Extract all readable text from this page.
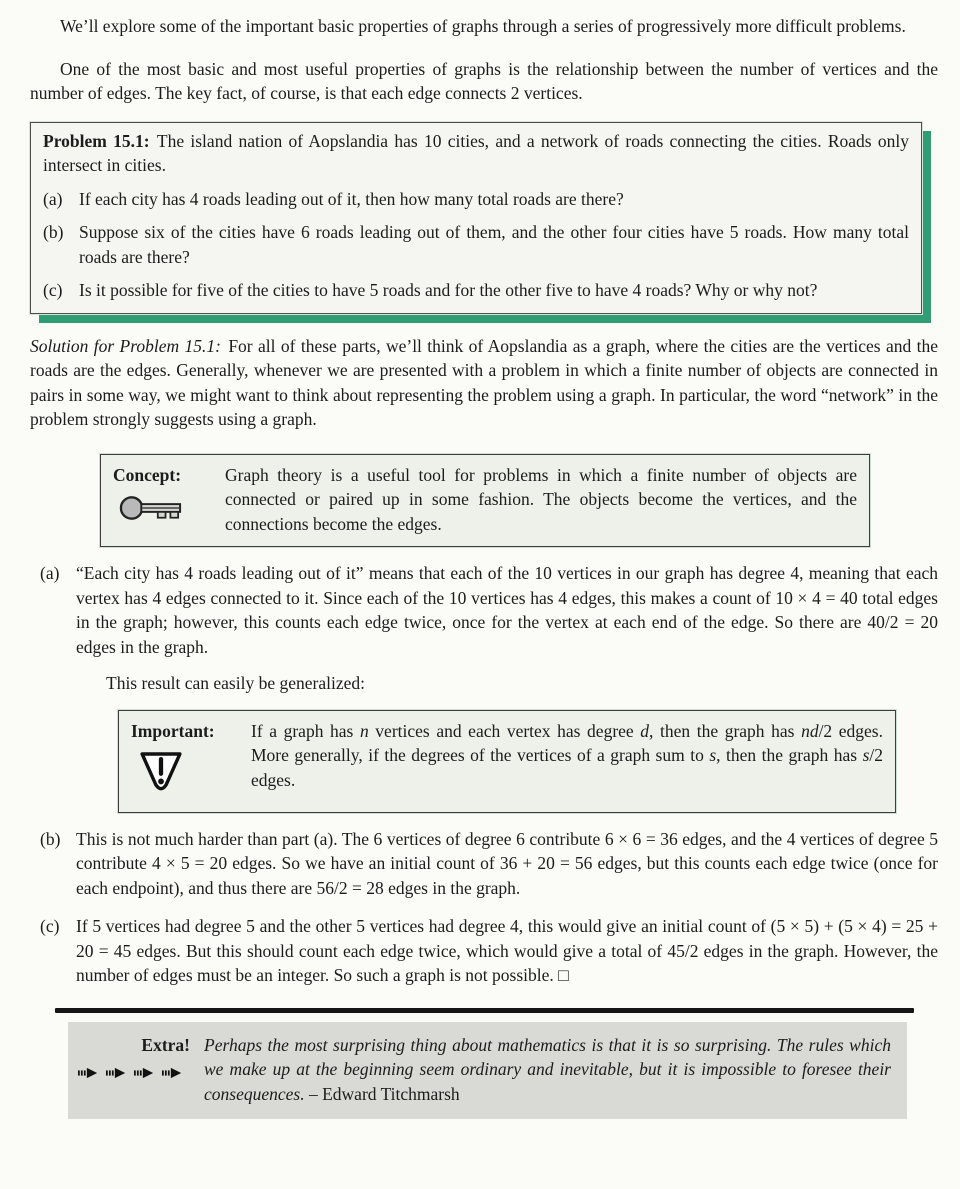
We’ll explore some of the important basic properties of graphs through a series of progressively more difficult problems.

One of the most basic and most useful properties of graphs is the relationship between the number of vertices and the number of edges. The key fact, of course, is that each edge connects 2 vertices.

Problem 15.1: The island nation of Aopslandia has 10 cities, and a network of roads connecting the cities. Roads only intersect in cities.

(a) If each city has 4 roads leading out of it, then how many total roads are there?
(b) Suppose six of the cities have 6 roads leading out of them, and the other four cities have 5 roads. How many total roads are there?
(c) Is it possible for five of the cities to have 5 roads and for the other five to have 4 roads? Why or why not?

Solution for Problem 15.1: For all of these parts, we’ll think of Aopslandia as a graph, where the cities are the vertices and the roads are the edges. Generally, whenever we are presented with a problem in which a finite number of objects are connected in pairs in some way, we might want to think about representing the problem using a graph. In particular, the word “network” in the problem strongly suggests using a graph.

Concept:	Graph theory is a useful tool for problems in which a finite number of objects are connected or paired up in some fashion. The objects become the vertices, and the connections become the edges.
(a) “Each city has 4 roads leading out of it” means that each of the 10 vertices in our graph has degree 4, meaning that each vertex has 4 edges connected to it. Since each of the 10 vertices has 4 edges, this makes a count of 10 × 4 = 40 total edges in the graph; however, this counts each edge twice, once for the vertex at each end of the edge. So there are 40/2 = 20 edges in the graph.

This result can easily be generalized:

Important: If a graph has n vertices and each vertex has degree d, then the graph has nd/2 edges. More generally, if the degrees of the vertices of a graph sum to s, then the graph has s/2 edges.
(b) This is not much harder than part (a). The 6 vertices of degree 6 contribute 6 × 6 = 36 edges, and the 4 vertices of degree 5 contribute 4 × 5 = 20 edges. So we have an initial count of 36 + 20 = 56 edges, but this counts each edge twice (once for each endpoint), and thus there are 56/2 = 28 edges in the graph.
(c) If 5 vertices had degree 5 and the other 5 vertices had degree 4, this would give an initial count of (5 × 5) + (5 × 4) = 25 + 20 = 45 edges. But this should count each edge twice, which would give a total of 45/2 edges in the graph. However, the number of edges must be an integer. So such a graph is not possible. □
Extra! Perhaps the most surprising thing about mathematics is that it is so surprising. The rules which we make up at the beginning seem ordinary and inevitable, but it is impossible to foresee their consequences. – Edward Titchmarsh
